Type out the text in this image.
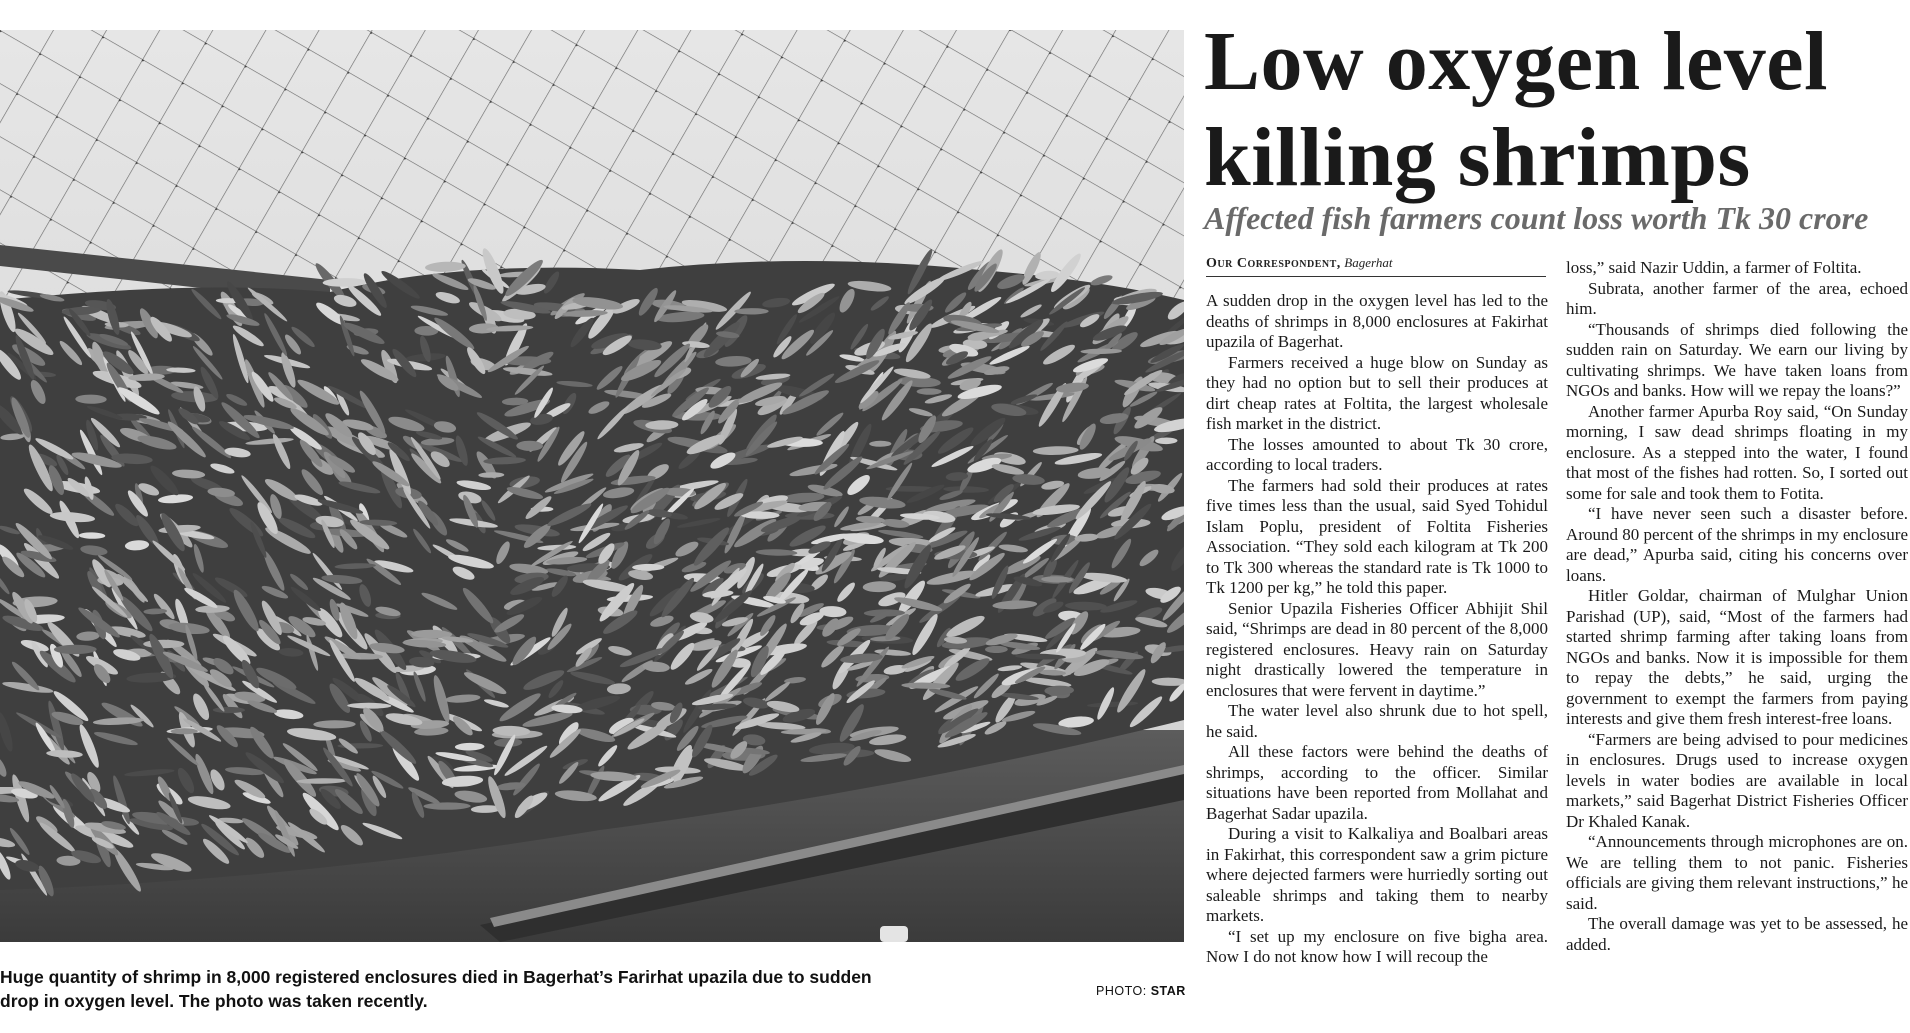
Huge quantity of shrimp in 8,000 registered enclosures died in Bagerhat’s Farirhat upazila due to sudden drop in oxygen level. The photo was taken recently.	PHOTO: STAR
Low oxygen level killing shrimps
Affected fish farmers count loss worth Tk 30 crore
Our Correspondent, Bagerhat

A sudden drop in the oxygen level has led to the deaths of shrimps in 8,000 enclosures at Fakirhat upazila of Bagerhat.

Farmers received a huge blow on Sunday as they had no option but to sell their produces at dirt cheap rates at Foltita, the largest wholesale fish market in the district.

The losses amounted to about Tk 30 crore, according to local traders.

The farmers had sold their produces at rates five times less than the usual, said Syed Tohidul Islam Poplu, president of Foltita Fisheries Association. “They sold each kilogram at Tk 200 to Tk 300 whereas the standard rate is Tk 1000 to Tk 1200 per kg,” he told this paper.

Senior Upazila Fisheries Officer Abhijit Shil said, “Shrimps are dead in 80 percent of the 8,000 registered enclosures. Heavy rain on Saturday night drastically lowered the temperature in enclosures that were fervent in daytime.”

The water level also shrunk due to hot spell, he said.

All these factors were behind the deaths of shrimps, according to the officer. Similar situations have been reported from Mollahat and Bagerhat Sadar upazila.

During a visit to Kalkaliya and Boalbari areas in Fakirhat, this correspondent saw a grim picture where dejected farmers were hurriedly sorting out saleable shrimps and taking them to nearby markets.

“I set up my enclosure on five bigha area. Now I do not know how I will recoup the

loss,” said Nazir Uddin, a farmer of Foltita.

Subrata, another farmer of the area, echoed him.

“Thousands of shrimps died following the sudden rain on Saturday. We earn our living by cultivating shrimps. We have taken loans from NGOs and banks. How will we repay the loans?”

Another farmer Apurba Roy said, “On Sunday morning, I saw dead shrimps floating in my enclosure. As a stepped into the water, I found that most of the fishes had rotten. So, I sorted out some for sale and took them to Fotita.

“I have never seen such a disaster before. Around 80 percent of the shrimps in my enclosure are dead,” Apurba said, citing his concerns over loans.

Hitler Goldar, chairman of Mulghar Union Parishad (UP), said, “Most of the farmers had started shrimp farming after taking loans from NGOs and banks. Now it is impossible for them to repay the debts,” he said, urging the government to exempt the farmers from paying interests and give them fresh interest-free loans.

“Farmers are being advised to pour medicines in enclosures. Drugs used to increase oxygen levels in water bodies are available in local markets,” said Bagerhat District Fisheries Officer Dr Khaled Kanak.

“Announcements through microphones are on. We are telling them to not panic. Fisheries officials are giving them relevant instructions,” he said.

The overall damage was yet to be assessed, he added.
